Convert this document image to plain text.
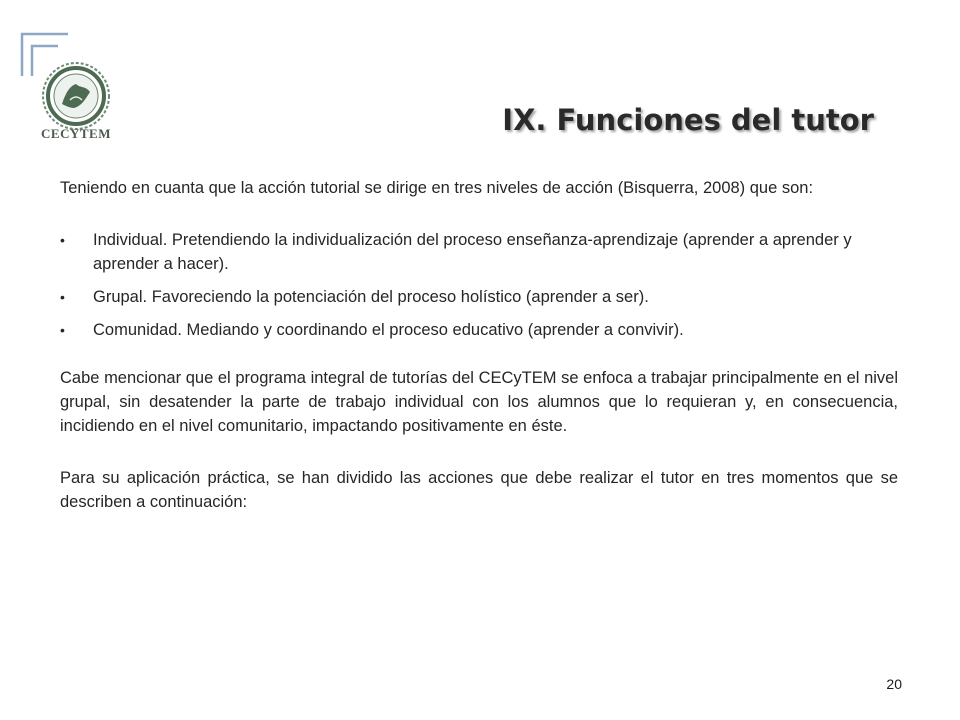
CECYTEM	IX. Funciones del tutor

Teniendo en cuanta que la acción tutorial se dirige en tres niveles de acción (Bisquerra, 2008) que son:

• Individual. Pretendiendo la individualización del proceso enseñanza-aprendizaje (aprender a aprender y aprender a hacer).
• Grupal. Favoreciendo la potenciación del proceso holístico (aprender a ser).
• Comunidad. Mediando y coordinando el proceso educativo (aprender a convivir).

Cabe mencionar que el programa integral de tutorías del CECyTEM se enfoca a trabajar principalmente en el nivel grupal, sin desatender la parte de trabajo individual con los alumnos que lo requieran y, en consecuencia, incidiendo en el nivel comunitario, impactando positivamente en éste.

Para su aplicación práctica, se han dividido las acciones que debe realizar el tutor en tres momentos que se describen a continuación:

20
